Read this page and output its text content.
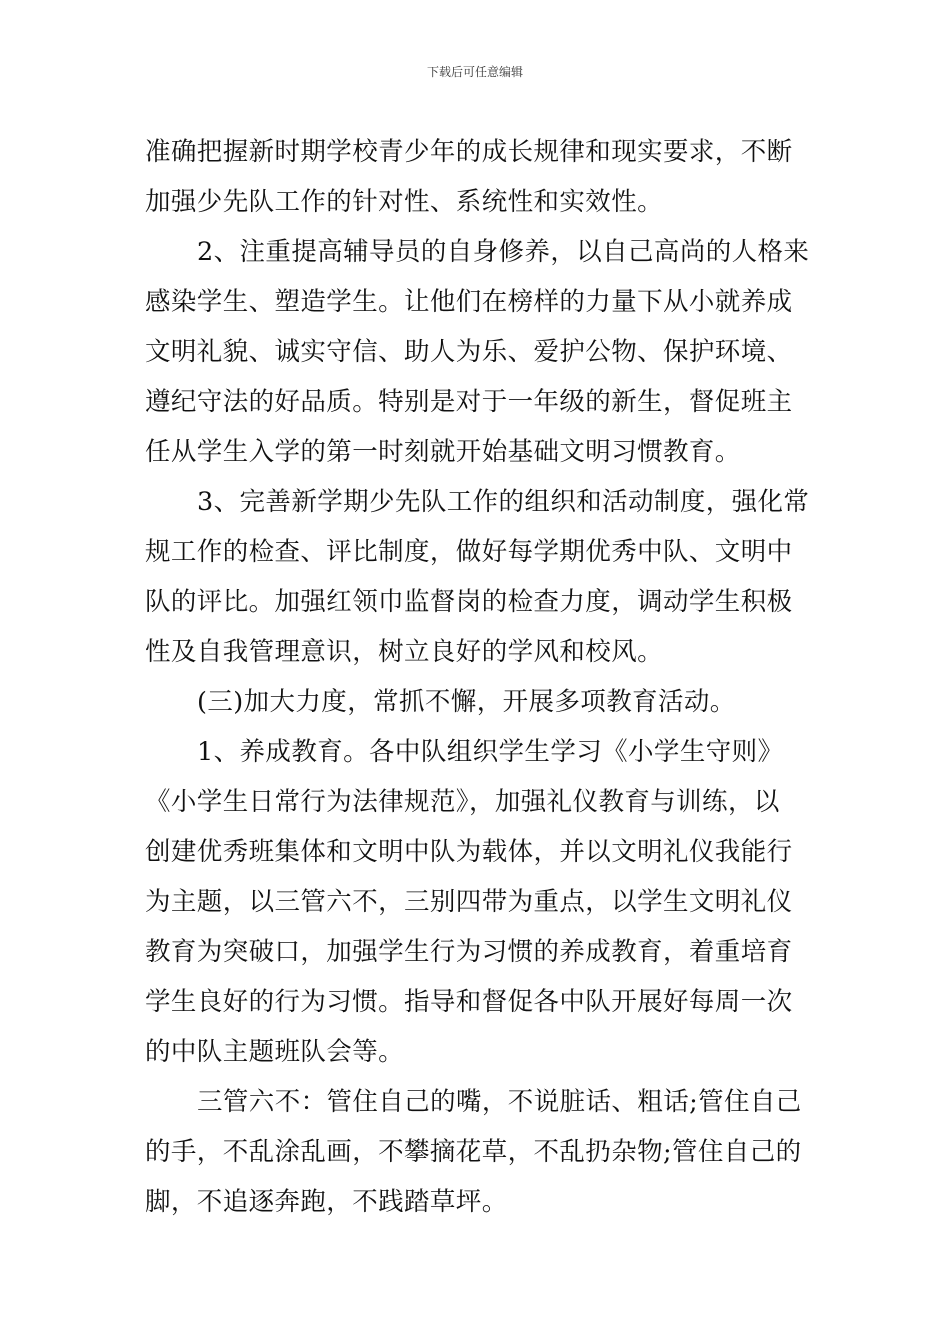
下载后可任意编辑
准确把握新时期学校青少年的成长规律和现实要求，不断
加强少先队工作的针对性、系统性和实效性。
2、注重提高辅导员的自身修养，以自己高尚的人格来
感染学生、塑造学生。让他们在榜样的力量下从小就养成
文明礼貌、诚实守信、助人为乐、爱护公物、保护环境、
遵纪守法的好品质。特别是对于一年级的新生，督促班主
任从学生入学的第一时刻就开始基础文明习惯教育。
3、完善新学期少先队工作的组织和活动制度，强化常
规工作的检查、评比制度，做好每学期优秀中队、文明中
队的评比。加强红领巾监督岗的检查力度，调动学生积极
性及自我管理意识，树立良好的学风和校风。
(三)加大力度，常抓不懈，开展多项教育活动。
1、养成教育。各中队组织学生学习《小学生守则》
《小学生日常行为法律规范》，加强礼仪教育与训练，以
创建优秀班集体和文明中队为载体，并以文明礼仪我能行
为主题，以三管六不，三别四带为重点，以学生文明礼仪
教育为突破口，加强学生行为习惯的养成教育，着重培育
学生良好的行为习惯。指导和督促各中队开展好每周一次
的中队主题班队会等。
三管六不：管住自己的嘴，不说脏话、粗话;管住自己
的手，不乱涂乱画，不攀摘花草，不乱扔杂物;管住自己的
脚，不追逐奔跑，不践踏草坪。
